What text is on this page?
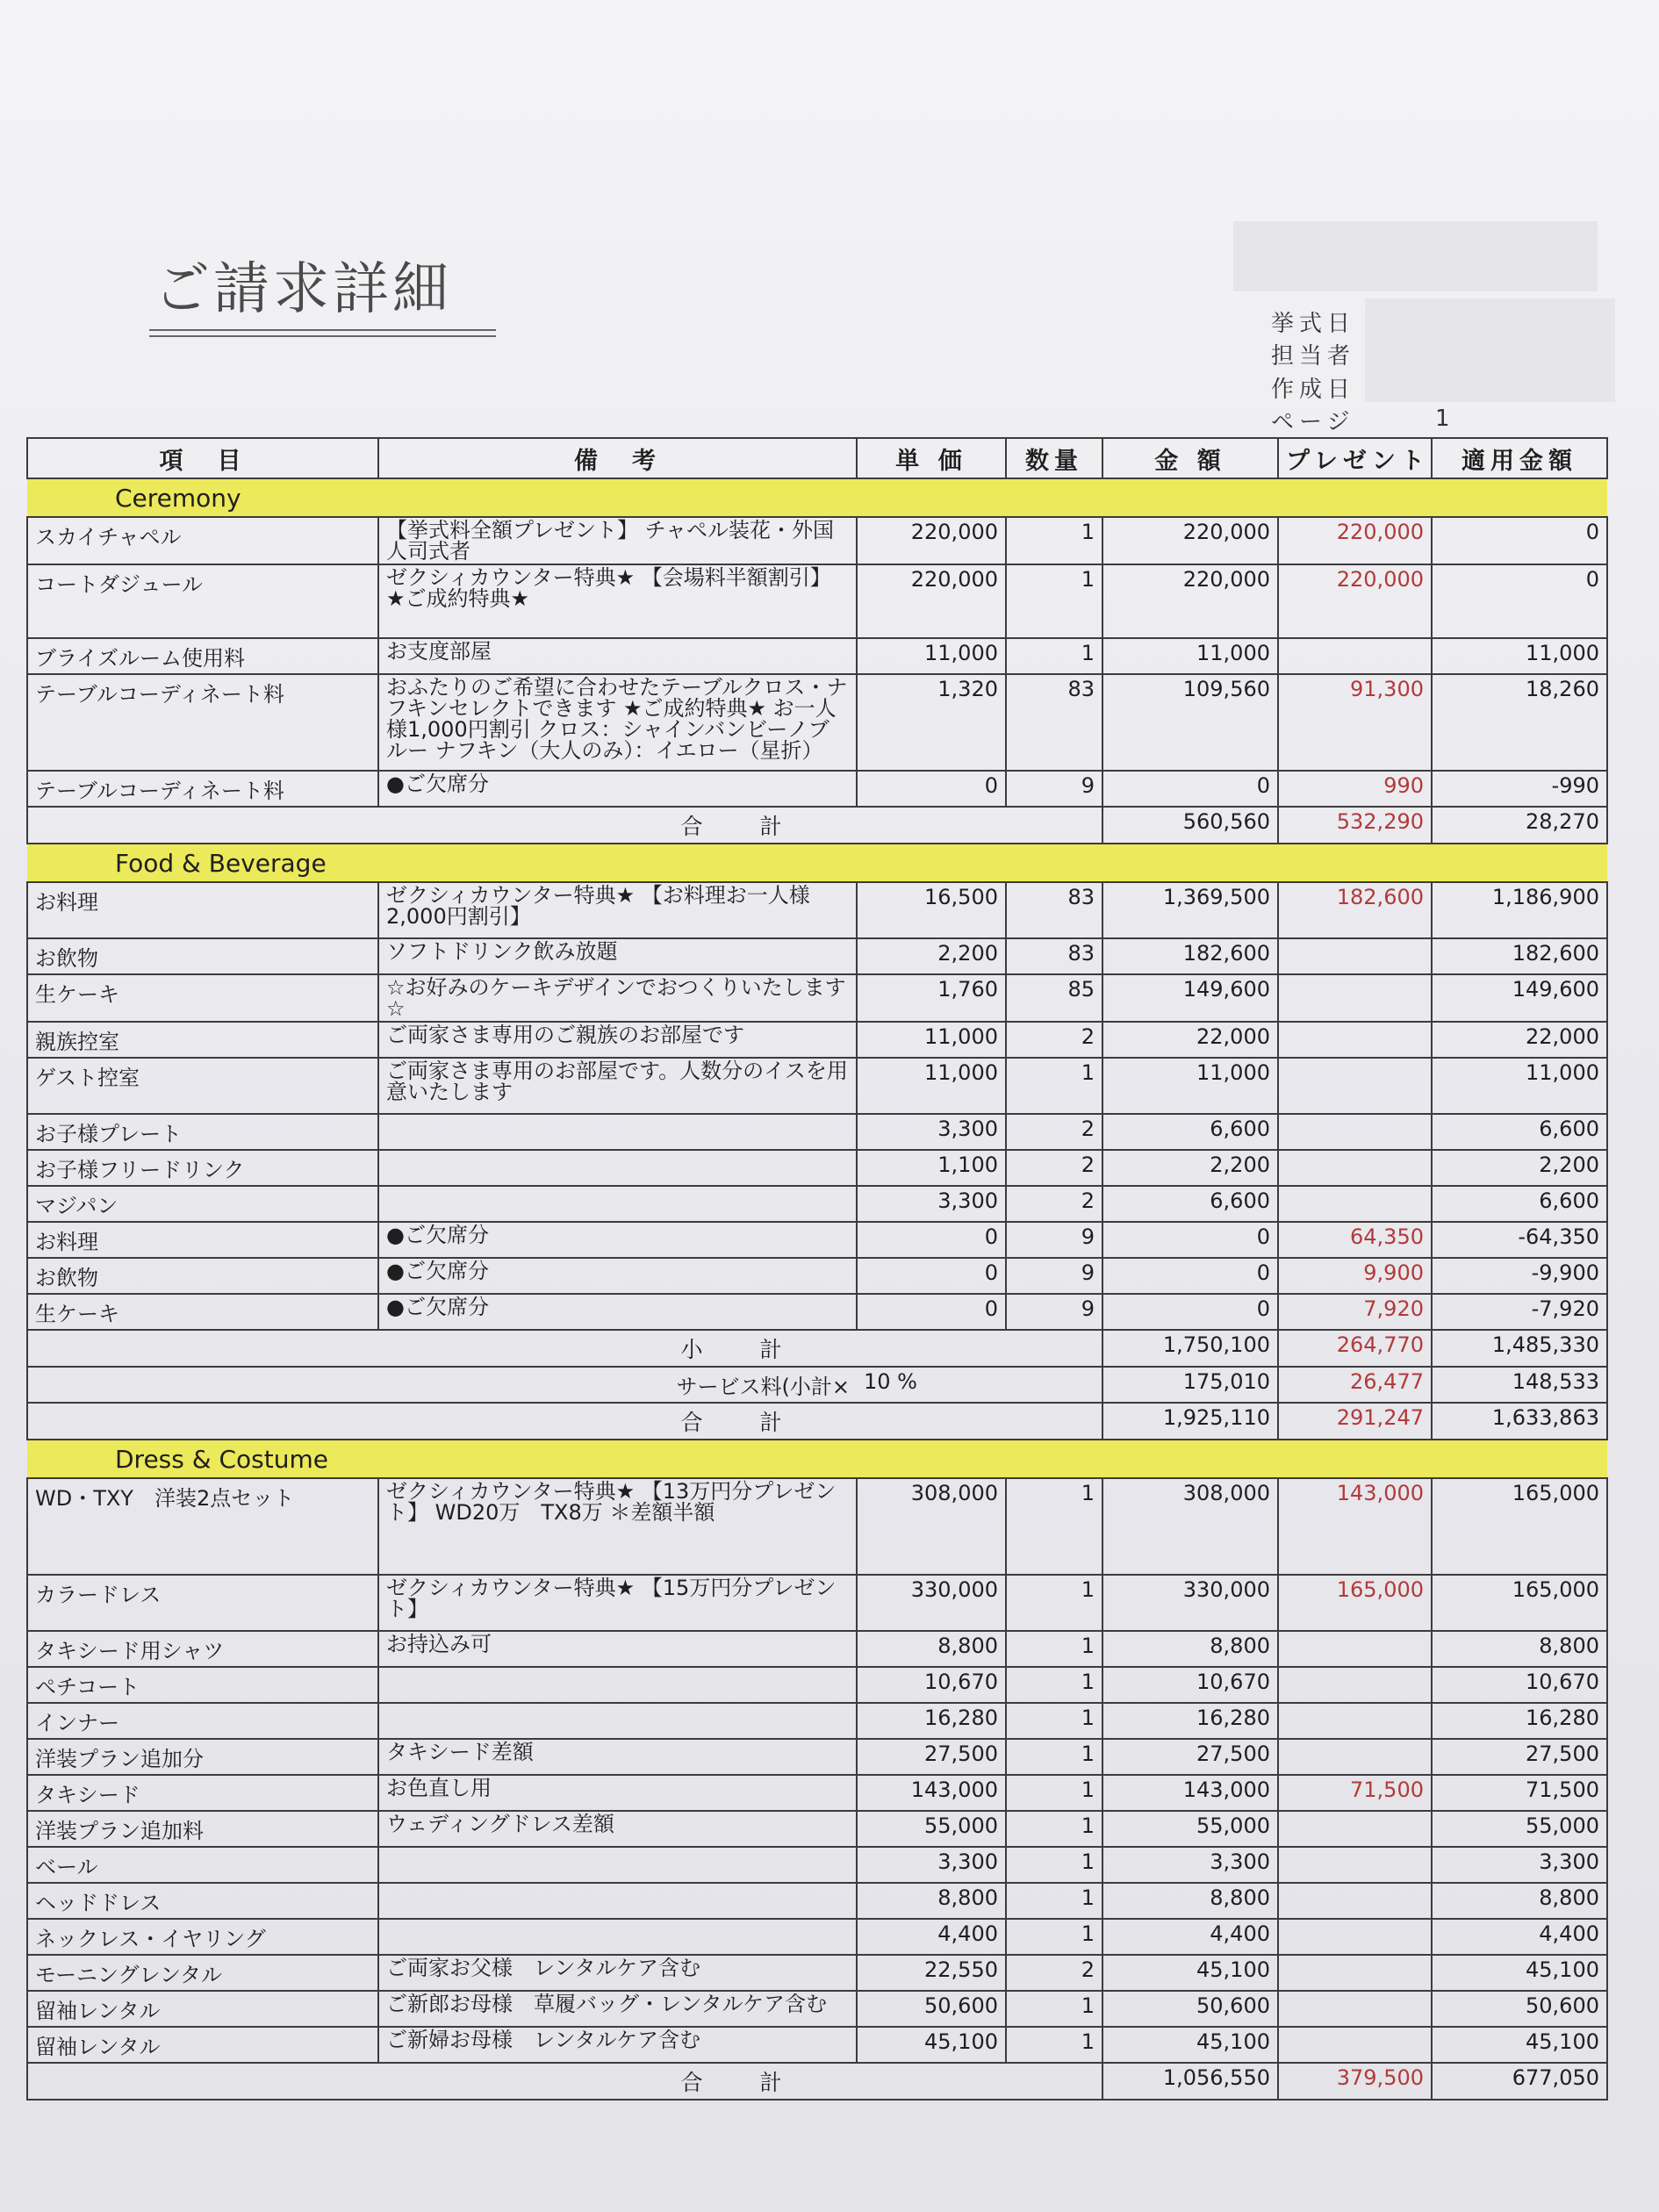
ご請求詳細
挙式日
担当者
作成日
ページ	1
項　目	備　考	単 価	数量	金 額	プレゼント	適用金額
Ceremony						
スカイチャペル	【挙式料全額プレゼント】 チャペル装花・外国人司式者	220,000	1	220,000	220,000	0
コートダジュール	ゼクシィカウンター特典★ 【会場料半額割引】 ★ご成約特典★	220,000	1	220,000	220,000	0
ブライズルーム使用料	お支度部屋	11,000	1	11,000		11,000
テーブルコーディネート料	おふたりのご希望に合わせたテーブルクロス・ナフキンセレクトできます ★ご成約特典★ お一人様1,000円割引 クロス：シャインバンビーノブルー ナフキン（大人のみ）：イエロー（星折）	1,320	83	109,560	91,300	18,260
テーブルコーディネート料	●ご欠席分	0	9	0	990	-990
	合　計			560,560	532,290	28,270
Food & Beverage						
お料理	ゼクシィカウンター特典★ 【お料理お一人様2,000円割引】	16,500	83	1,369,500	182,600	1,186,900
お飲物	ソフトドリンク飲み放題	2,200	83	182,600		182,600
生ケーキ	☆お好みのケーキデザインでおつくりいたします☆	1,760	85	149,600		149,600
親族控室	ご両家さま専用のご親族のお部屋です	11,000	2	22,000		22,000
ゲスト控室	ご両家さま専用のお部屋です。人数分のイスを用意いたします	11,000	1	11,000		11,000
お子様プレート		3,300	2	6,600		6,600
お子様フリードリンク		1,100	2	2,200		2,200
マジパン		3,300	2	6,600		6,600
お料理	●ご欠席分	0	9	0	64,350	-64,350
お飲物	●ご欠席分	0	9	0	9,900	-9,900
生ケーキ	●ご欠席分	0	9	0	7,920	-7,920
	小　計			1,750,100	264,770	1,485,330
	サービス料(小計×	10 %		175,010	26,477	148,533
	合　計			1,925,110	291,247	1,633,863
Dress & Costume						
WD・TXY　洋装2点セット	ゼクシィカウンター特典★ 【13万円分プレゼント】 WD20万　TX8万 ＊差額半額	308,000	1	308,000	143,000	165,000
カラードレス	ゼクシィカウンター特典★ 【15万円分プレゼント】	330,000	1	330,000	165,000	165,000
タキシード用シャツ	お持込み可	8,800	1	8,800		8,800
ペチコート		10,670	1	10,670		10,670
インナー		16,280	1	16,280		16,280
洋装プラン追加分	タキシード差額	27,500	1	27,500		27,500
タキシード	お色直し用	143,000	1	143,000	71,500	71,500
洋装プラン追加料	ウェディングドレス差額	55,000	1	55,000		55,000
ベール		3,300	1	3,300		3,300
ヘッドドレス		8,800	1	8,800		8,800
ネックレス・イヤリング		4,400	1	4,400		4,400
モーニングレンタル	ご両家お父様　レンタルケア含む	22,550	2	45,100		45,100
留袖レンタル	ご新郎お母様　草履バッグ・レンタルケア含む	50,600	1	50,600		50,600
留袖レンタル	ご新婦お母様　レンタルケア含む	45,100	1	45,100		45,100
	合　計			1,056,550	379,500	677,050
